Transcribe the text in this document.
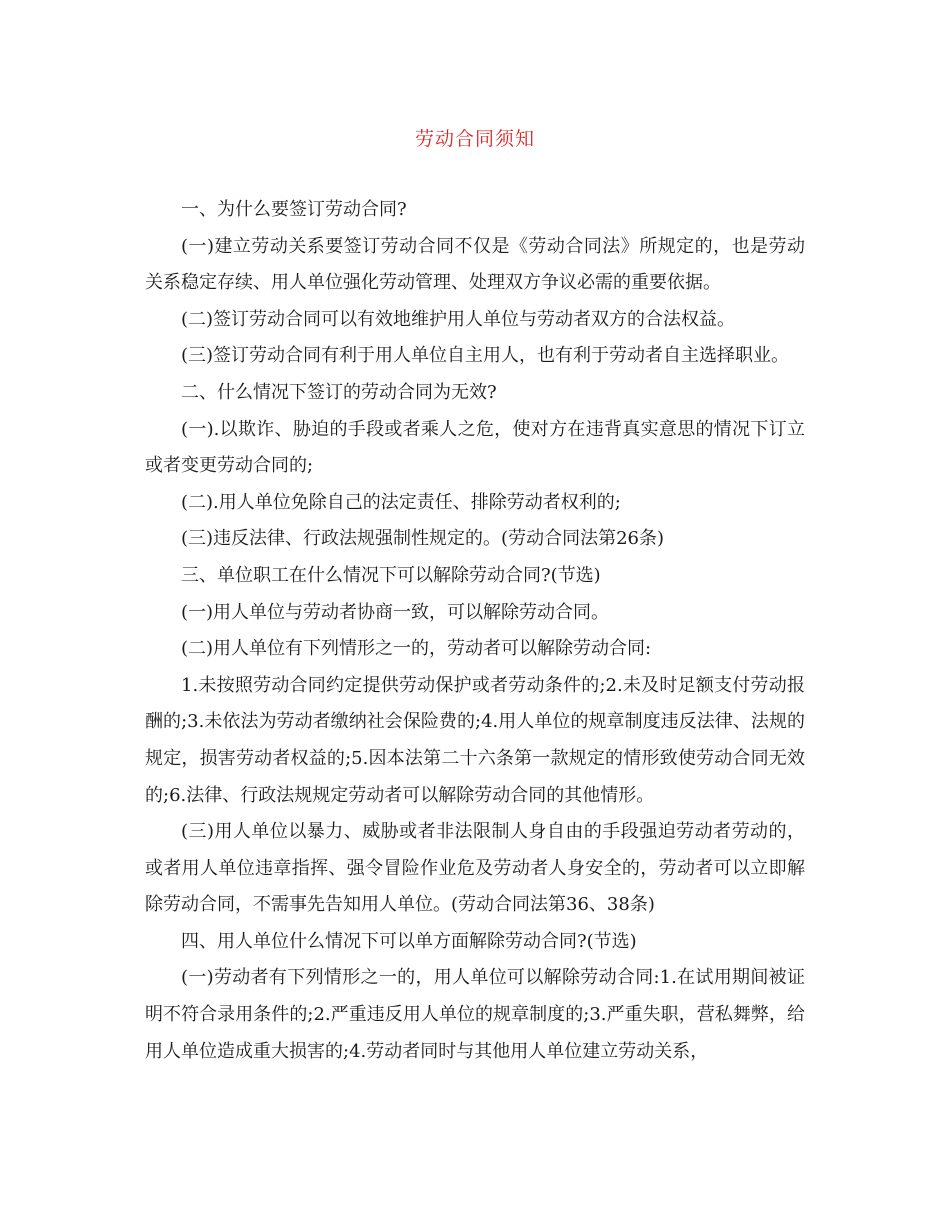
劳动合同须知

一、为什么要签订劳动合同?

(一)建立劳动关系要签订劳动合同不仅是《劳动合同法》所规定的，也是劳动关系稳定存续、用人单位强化劳动管理、处理双方争议必需的重要依据。

(二)签订劳动合同可以有效地维护用人单位与劳动者双方的合法权益。

(三)签订劳动合同有利于用人单位自主用人，也有利于劳动者自主选择职业。

二、什么情况下签订的劳动合同为无效?

(一).以欺诈、胁迫的手段或者乘人之危，使对方在违背真实意思的情况下订立或者变更劳动合同的;

(二).用人单位免除自己的法定责任、排除劳动者权利的;

(三)违反法律、行政法规强制性规定的。(劳动合同法第26条)

三、单位职工在什么情况下可以解除劳动合同?(节选)

(一)用人单位与劳动者协商一致，可以解除劳动合同。

(二)用人单位有下列情形之一的，劳动者可以解除劳动合同:

1.未按照劳动合同约定提供劳动保护或者劳动条件的;2.未及时足额支付劳动报酬的;3.未依法为劳动者缴纳社会保险费的;4.用人单位的规章制度违反法律、法规的规定，损害劳动者权益的;5.因本法第二十六条第一款规定的情形致使劳动合同无效的;6.法律、行政法规规定劳动者可以解除劳动合同的其他情形。

(三)用人单位以暴力、威胁或者非法限制人身自由的手段强迫劳动者劳动的，或者用人单位违章指挥、强令冒险作业危及劳动者人身安全的，劳动者可以立即解除劳动合同，不需事先告知用人单位。(劳动合同法第36、38条)

四、用人单位什么情况下可以单方面解除劳动合同?(节选)

(一)劳动者有下列情形之一的，用人单位可以解除劳动合同:1.在试用期间被证明不符合录用条件的;2.严重违反用人单位的规章制度的;3.严重失职，营私舞弊，给用人单位造成重大损害的;4.劳动者同时与其他用人单位建立劳动关系，
